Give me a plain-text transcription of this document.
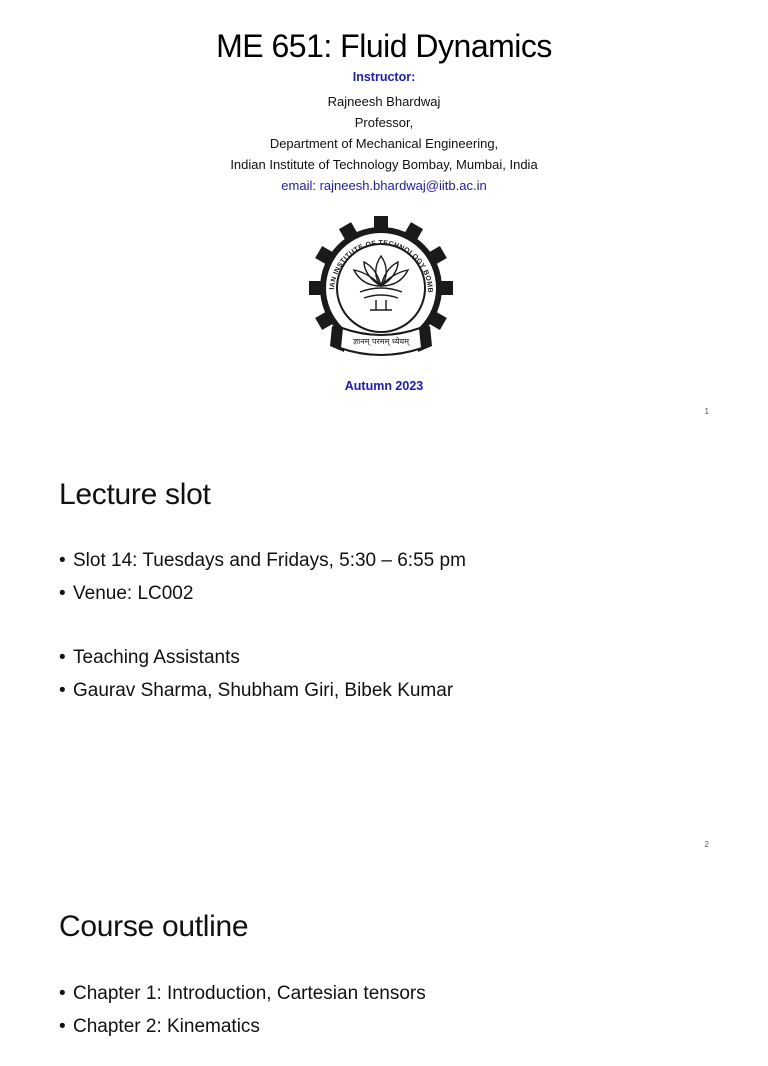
ME 651: Fluid Dynamics
Instructor:
Rajneesh Bhardwaj
Professor,
Department of Mechanical Engineering,
Indian Institute of Technology Bombay, Mumbai, India
email: rajneesh.bhardwaj@iitb.ac.in
IAN INSTITUTE OF TECHNOLOGY BOMB
ज्ञानम् परमम् ध्येयम्
Autumn 2023
1
Lecture slot
• Slot 14: Tuesdays and Fridays, 5:30 – 6:55 pm
• Venue: LC002
• Teaching Assistants
• Gaurav Sharma, Shubham Giri, Bibek Kumar
2
Course outline
• Chapter 1: Introduction, Cartesian tensors
• Chapter 2: Kinematics
